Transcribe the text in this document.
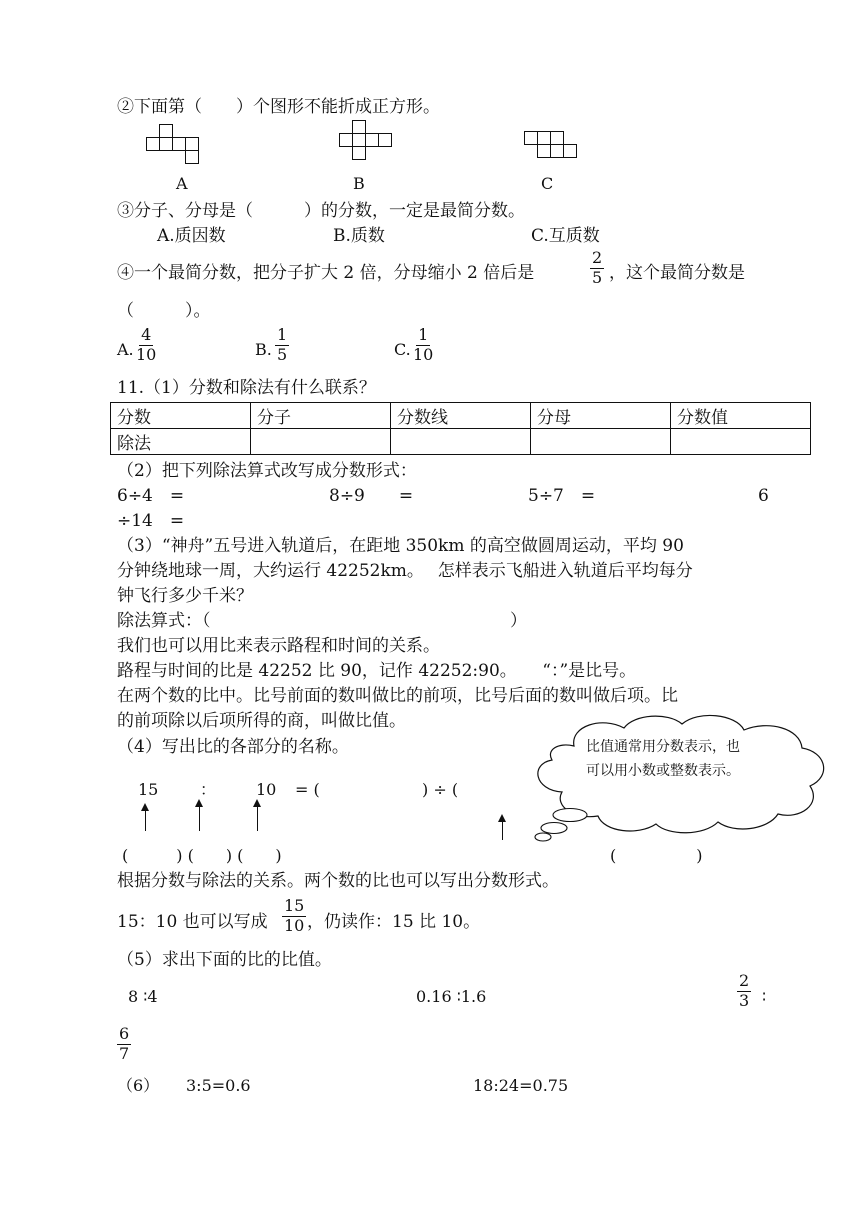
②下面第（　　）个图形不能折成正方形。
A	B	C
③分子、分母是（　　　）的分数，一定是最简分数。
A.质因数	B.质数	C.互质数
④一个最简分数，把分子扩大 2 倍，分母缩小 2 倍后是	$\frac{2}{5}$ ，这个最简分数是
（　　　）。
A. $\frac{4}{10}$	B. $\frac{1}{5}$	C. $\frac{1}{10}$
11.（1）分数和除法有什么联系？
分数	分子	分数线	分母	分数值
除法				
（2）把下列除法算式改写成分数形式：
6÷4　=	8÷9　　=	5÷7　=	6
÷14　=
（3）“神舟”五号进入轨道后，在距地 350km 的高空做圆周运动，平均 90
分钟绕地球一周，大约运行 42252km。　 怎样表示飞船进入轨道后平均每分
钟飞行多少千米？
除法算式：（	）
我们也可以用比来表示路程和时间的关系。
路程与时间的比是 42252 比 90，记作 42252:90。　　“：”是比号。
在两个数的比中。比号前面的数叫做比的前项，比号后面的数叫做后项。比
的前项除以后项所得的商，叫做比值。
（4）写出比的各部分的名称。	比值通常用分数表示，也
可以用小数或整数表示。
15	： 10 = (	) ÷ (
(　　　) (　　) (　　)	(　　　　　)
根据分数与除法的关系。两个数的比也可以写出分数形式。
15：10 也可以写成 $\frac{15}{10}$ ，仍读作：15 比 10。
（5）求出下面的比的比值。
8 ∶4	0.16 ∶1.6	$\frac{2}{3}$ ∶
$\frac{6}{7}$
（6） 3:5=0.6	18:24=0.75
